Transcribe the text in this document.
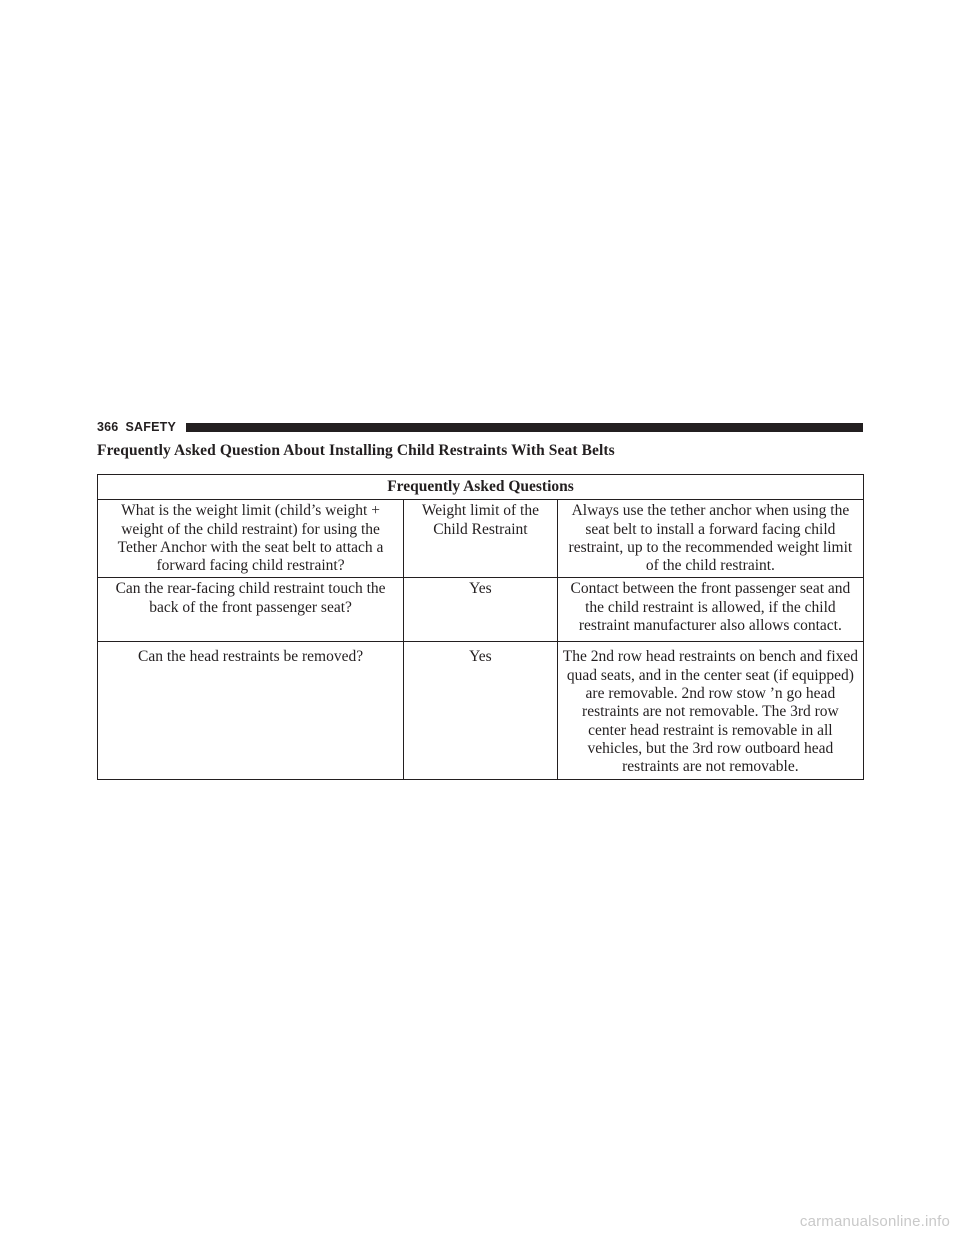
366 SAFETY
Frequently Asked Question About Installing Child Restraints With Seat Belts
Frequently Asked Questions		
What is the weight limit (child’s weight + weight of the child restraint) for using the Tether Anchor with the seat belt to attach a forward facing child restraint?	Weight limit of the Child Restraint	Always use the tether anchor when using the seat belt to install a forward facing child restraint, up to the recommended weight limit of the child restraint.
Can the rear-facing child restraint touch the back of the front passenger seat?	Yes	Contact between the front passenger seat and the child restraint is allowed, if the child restraint manufacturer also allows contact.
Can the head restraints be removed?	Yes	The 2nd row head restraints on bench and fixed quad seats, and in the center seat (if equipped) are removable. 2nd row stow ’n go head restraints are not removable. The 3rd row center head restraint is removable in all vehicles, but the 3rd row outboard head restraints are not removable.
carmanualsonline.info
